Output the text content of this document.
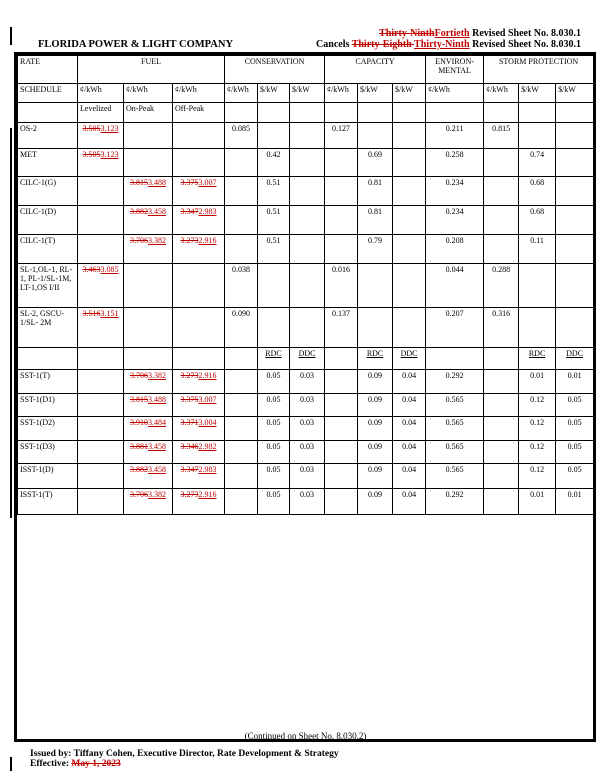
FLORIDA POWER & LIGHT COMPANY
Thirty-NinthFortieth Revised Sheet No. 8.030.1
Cancels Thirty-Eighth Thirty-Ninth Revised Sheet No. 8.030.1
RATE	FUEL			CONSERVATION			CAPACITY			ENVIRON-MENTAL	STORM PROTECTION		
SCHEDULE	¢/kWh	¢/kWh	¢/kWh	¢/kWh	$/kW	$/kW	¢/kWh	$/kW	$/kW	¢/kWh	¢/kWh	$/kW	$/kW
	Levelized	On-Peak	Off-Peak										
OS-2	3.5053.123			0.085			0.127			0.211	0.815		
MET	3.5053.123				0.42			0.69		0.258		0.74	
CILC-1(G)		3.8153.488	3.3753.007		0.51			0.81		0.234		0.68	
CILC-1(D)		3.8823.458	3.3472.983		0.51			0.81		0.234		0.68	
CILC-1(T)		3.7063.382	3.2732.916		0.51			0.79		0.208		0.11	
SL-1,OL-1, RL-1, PL-1/SL-1M, LT-1,OS I/II	3.4633.085			0.038			0.016			0.044	0.288		
SL-2, GSCU-1/SL- 2M	3.5163.151			0.090			0.137			0.207	0.316		
					RDC	DDC		RDC	DDC			RDC	DDC
SST-1(T)		3.7063.382	3.2732.916		0.05	0.03		0.09	0.04	0.292		0.01	0.01
SST-1(D1)		3.8153.488	3.3753.007		0.05	0.03		0.09	0.04	0.565		0.12	0.05
SST-1(D2)		3.9103.484	3.3713.004		0.05	0.03		0.09	0.04	0.565		0.12	0.05
SST-1(D3)		3.8813.458	3.3462.982		0.05	0.03		0.09	0.04	0.565		0.12	0.05
ISST-1(D)		3.8823.458	3.3472.983		0.05	0.03		0.09	0.04	0.565		0.12	0.05
ISST-1(T)		3.7063.382	3.2732.916		0.05	0.03		0.09	0.04	0.292		0.01	0.01

(Continued on Sheet No. 8.030.2)
Issued by: Tiffany Cohen, Executive Director, Rate Development & Strategy
Effective: May 1, 2023
